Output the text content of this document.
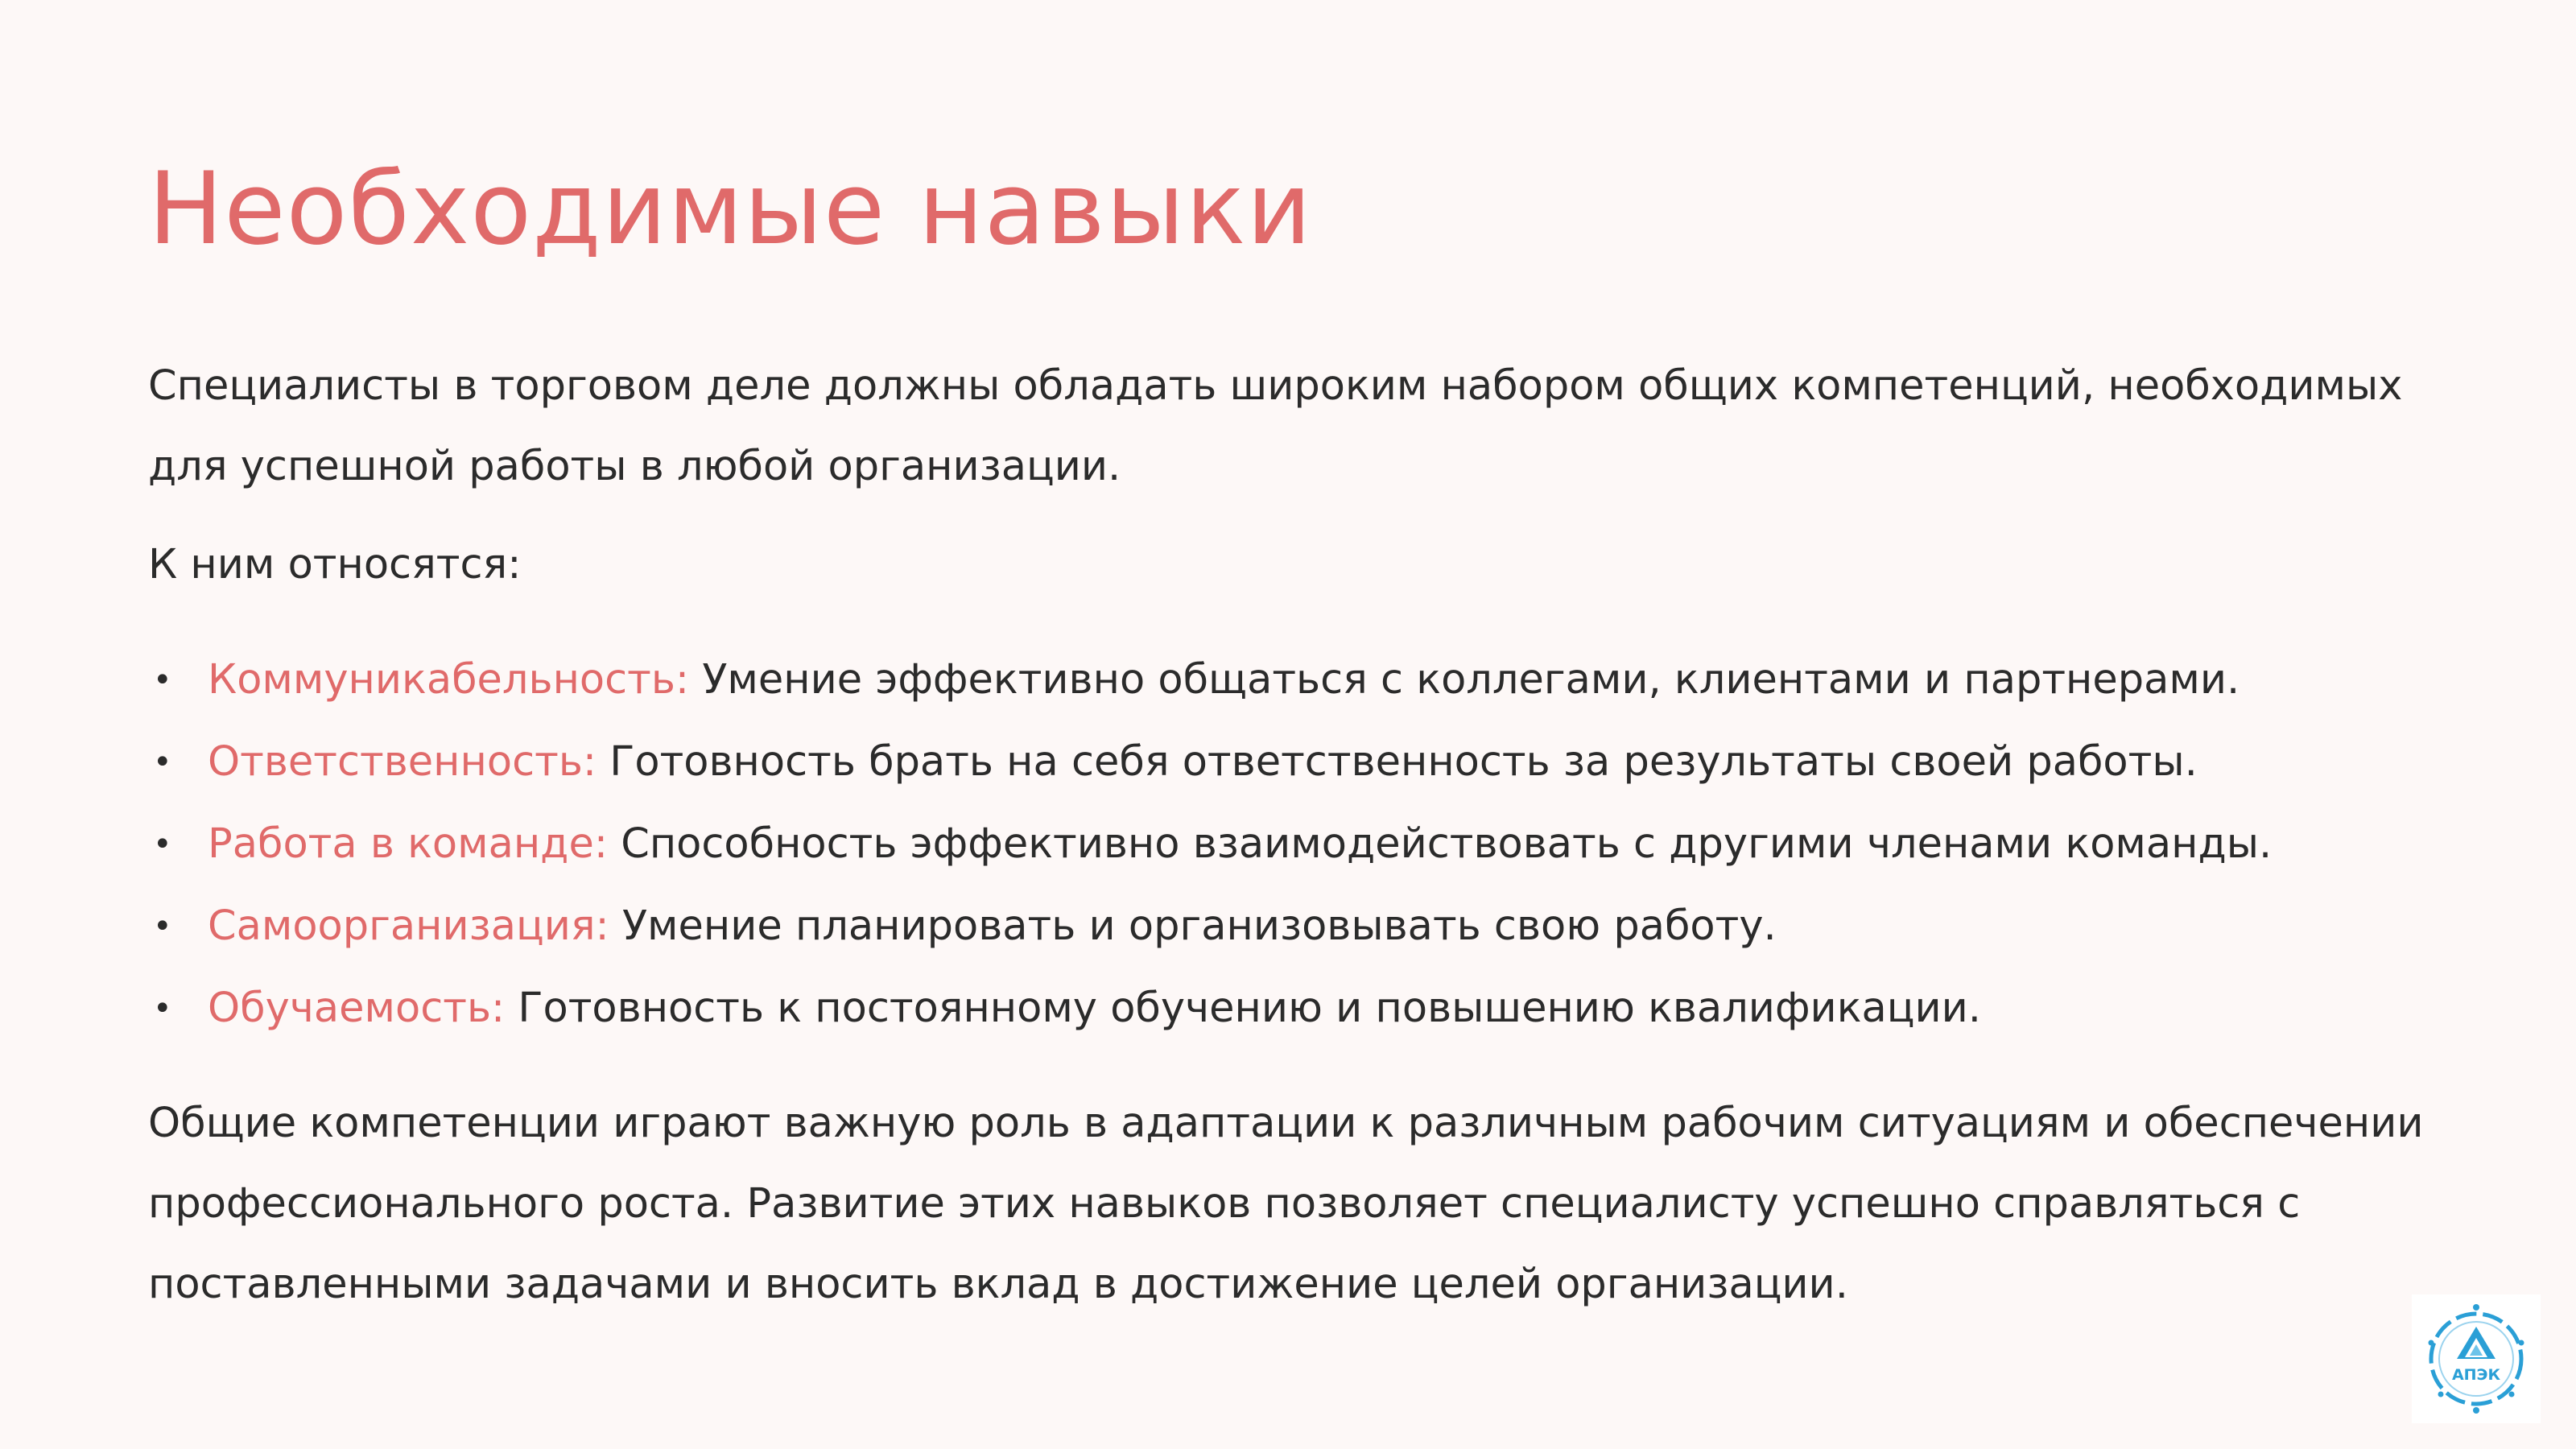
Необходимые навыки

Специалисты в торговом деле должны обладать широким набором общих компетенций, необходимых для успешной работы в любой организации.

К ним относятся:

• Коммуникабельность: Умение эффективно общаться с коллегами, клиентами и партнерами.
• Ответственность: Готовность брать на себя ответственность за результаты своей работы.
• Работа в команде: Способность эффективно взаимодействовать с другими членами команды.
• Самоорганизация: Умение планировать и организовывать свою работу.
• Обучаемость: Готовность к постоянному обучению и повышению квалификации.

Общие компетенции играют важную роль в адаптации к различным рабочим ситуациям и обеспечении профессионального роста. Развитие этих навыков позволяет специалисту успешно справляться с поставленными задачами и вносить вклад в достижение целей организации.

АПЭК
